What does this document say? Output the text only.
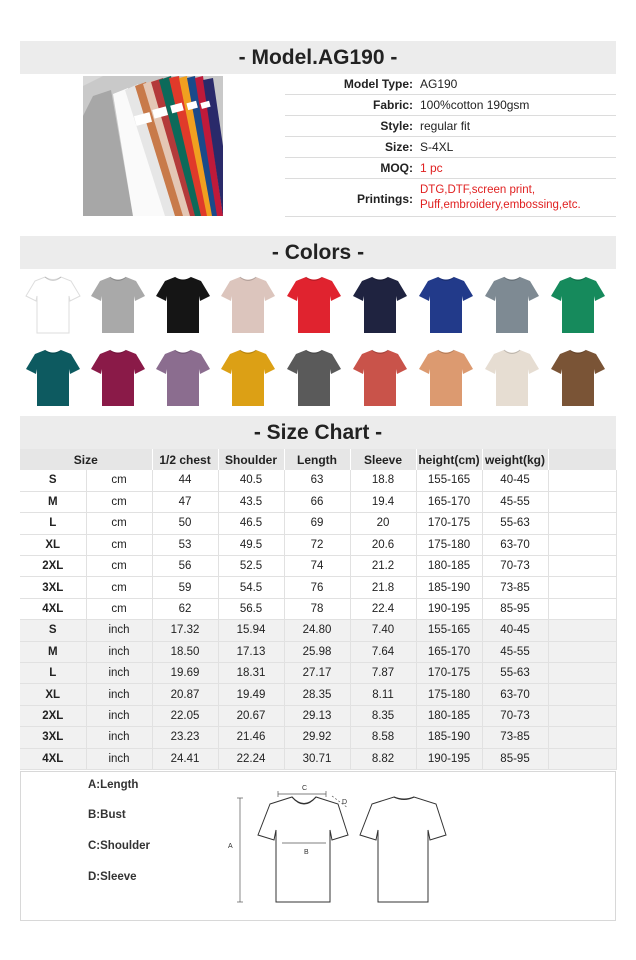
- Model.AG190 -
Model Type: AG190
Fabric: 100%cotton 190gsm
Style: regular fit
Size: S-4XL
MOQ: 1 pc
Printings:
DTG,DTF,screen print,
Puff,embroidery,embossing,etc.
- Colors -
- Size Chart -
Size		1/2 chest	Shoulder	Length	Sleeve	height(cm)	weight(kg)	
S	cm	44	40.5	63	18.8	155-165	40-45	
M	cm	47	43.5	66	19.4	165-170	45-55	
L	cm	50	46.5	69	20	170-175	55-63	
XL	cm	53	49.5	72	20.6	175-180	63-70	
2XL	cm	56	52.5	74	21.2	180-185	70-73	
3XL	cm	59	54.5	76	21.8	185-190	73-85	
4XL	cm	62	56.5	78	22.4	190-195	85-95	
S	inch	17.32	15.94	24.80	7.40	155-165	40-45	
M	inch	18.50	17.13	25.98	7.64	165-170	45-55	
L	inch	19.69	18.31	27.17	7.87	170-175	55-63	
XL	inch	20.87	19.49	28.35	8.11	175-180	63-70	
2XL	inch	22.05	20.67	29.13	8.35	180-185	70-73	
3XL	inch	23.23	21.46	29.92	8.58	185-190	73-85	
4XL	inch	24.41	22.24	30.71	8.82	190-195	85-95	
A:Length
B:Bust
C:Shoulder
D:Sleeve
C
B
A
D
